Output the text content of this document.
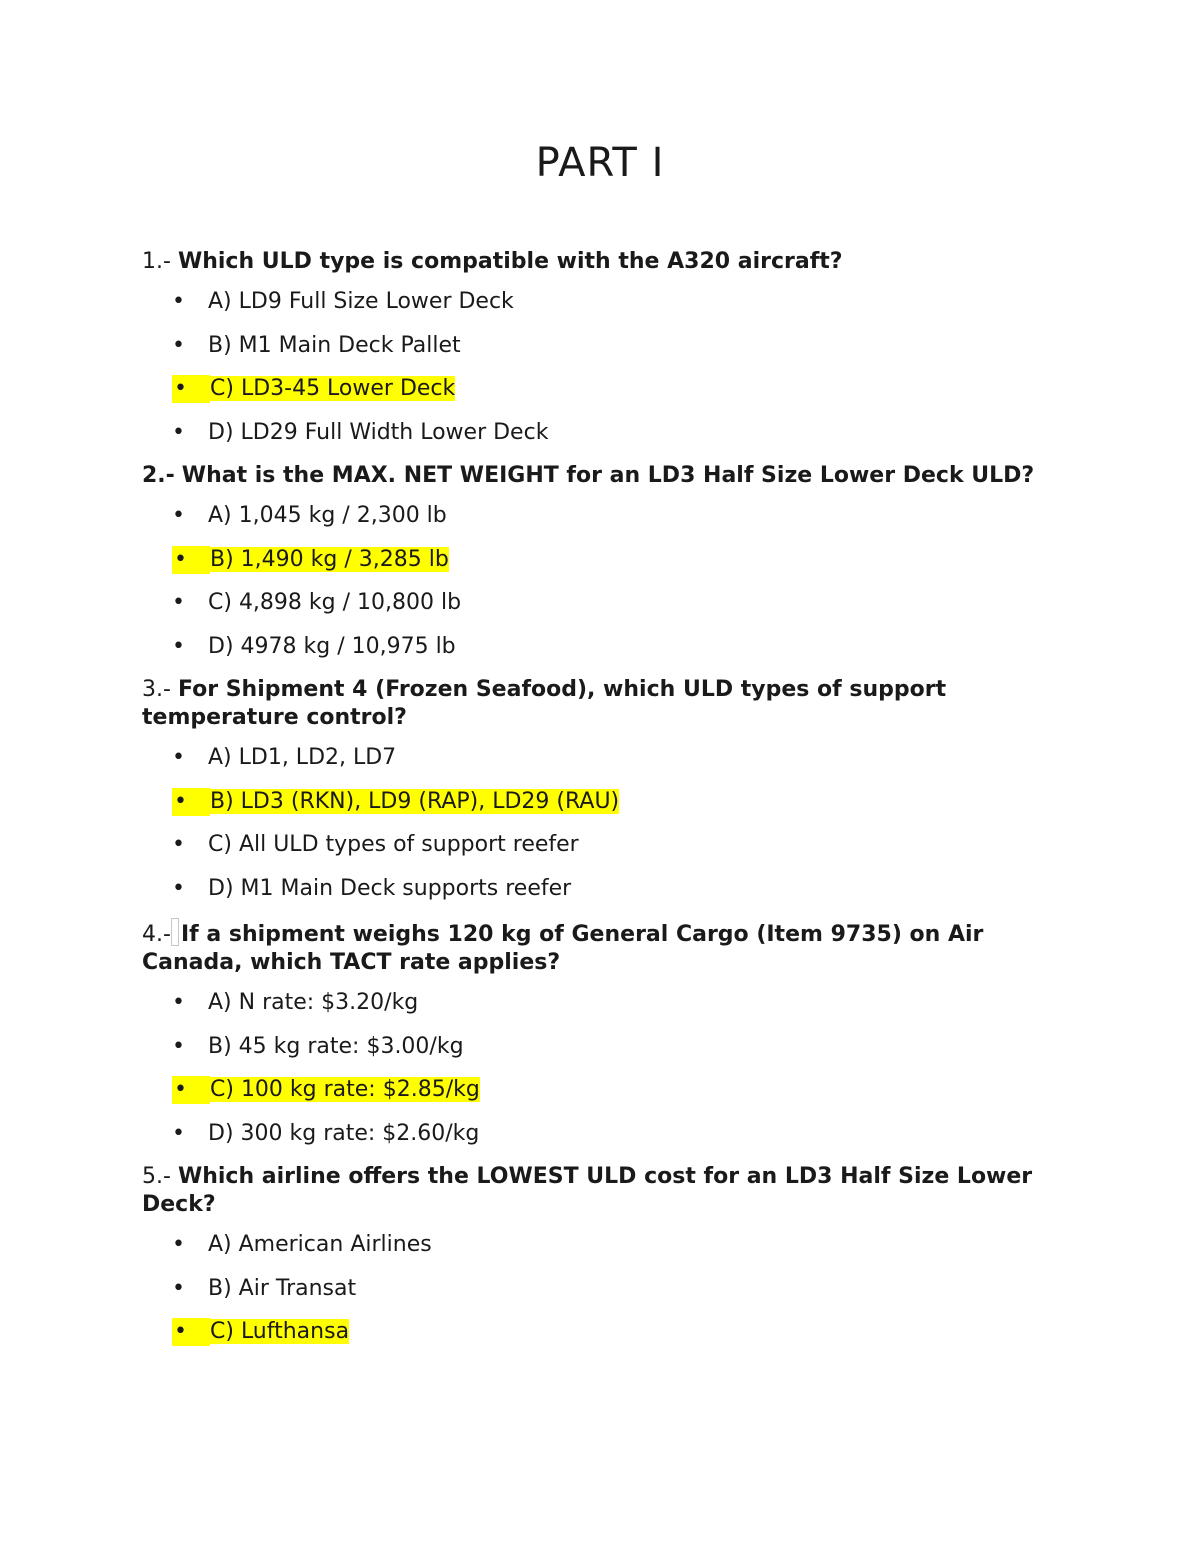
PART I

1.- Which ULD type is compatible with the A320 aircraft?

• A) LD9 Full Size Lower Deck
• B) M1 Main Deck Pallet
• C) LD3-45 Lower Deck
• D) LD29 Full Width Lower Deck

2.- What is the MAX. NET WEIGHT for an LD3 Half Size Lower Deck ULD?

• A) 1,045 kg / 2,300 lb
• B) 1,490 kg / 3,285 lb
• C) 4,898 kg / 10,800 lb
• D) 4978 kg / 10,975 lb

3.- For Shipment 4 (Frozen Seafood), which ULD types of support temperature control?

• A) LD1, LD2, LD7
• B) LD3 (RKN), LD9 (RAP), LD29 (RAU)
• C) All ULD types of support reefer
• D) M1 Main Deck supports reefer

4.- If a shipment weighs 120 kg of General Cargo (Item 9735) on Air Canada, which TACT rate applies?

• A) N rate: $3.20/kg
• B) 45 kg rate: $3.00/kg
• C) 100 kg rate: $2.85/kg
• D) 300 kg rate: $2.60/kg

5.- Which airline offers the LOWEST ULD cost for an LD3 Half Size Lower Deck?

• A) American Airlines
• B) Air Transat
• C) Lufthansa
